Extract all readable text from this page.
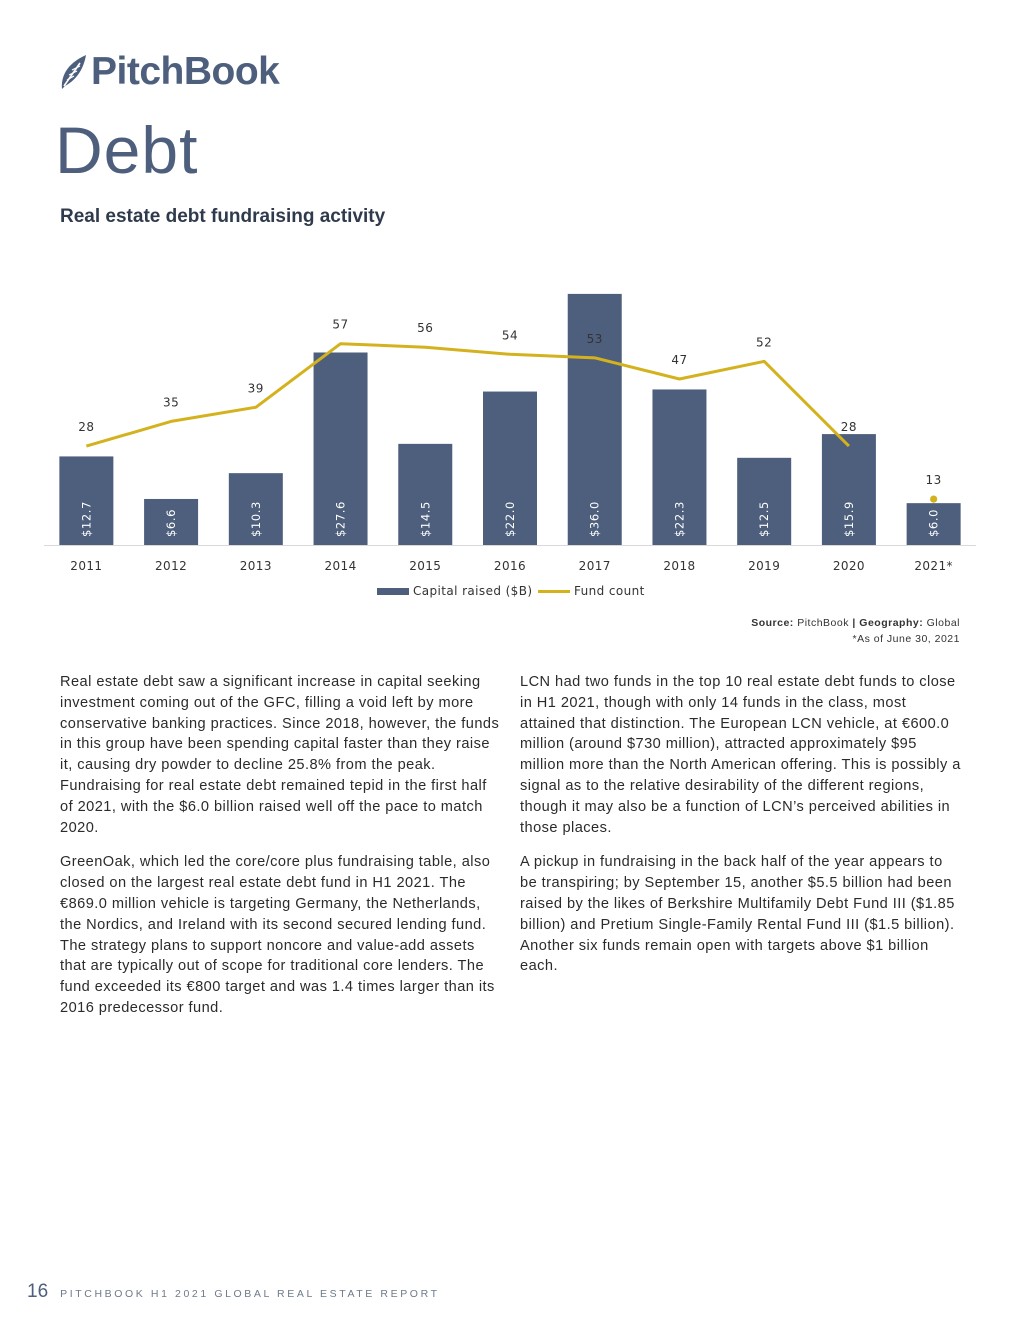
PitchBook
Debt
Real estate debt fundraising activity
$12.7	$6.6	$10.3	$27.6	$14.5	$22.0	$36.0	$22.3	$12.5	$15.9	$6.0
28
35
39
57	56
54	53
47
52
28
13
2011	2012	2013	2014	2015	2016	2017	2018	2019	2020	2021*
Capital raised ($B)	Fund count
Source: PitchBook | Geography: Global
*As of June 30, 2021

Real estate debt saw a significant increase in capital seeking investment coming out of the GFC, filling a void left by more conservative banking practices. Since 2018, however, the funds in this group have been spending capital faster than they raise it, causing dry powder to decline 25.8% from the peak. Fundraising for real estate debt remained tepid in the first half of 2021, with the $6.0 billion raised well off the pace to match 2020.

GreenOak, which led the core/core plus fundraising table, also closed on the largest real estate debt fund in H1 2021. The €869.0 million vehicle is targeting Germany, the Netherlands, the Nordics, and Ireland with its second secured lending fund. The strategy plans to support noncore and value-add assets that are typically out of scope for traditional core lenders. The fund exceeded its €800 target and was 1.4 times larger than its 2016 predecessor fund.

LCN had two funds in the top 10 real estate debt funds to close in H1 2021, though with only 14 funds in the class, most attained that distinction. The European LCN vehicle, at €600.0 million (around $730 million), attracted approximately $95 million more than the North American offering. This is possibly a signal as to the relative desirability of the different regions, though it may also be a function of LCN’s perceived abilities in those places.

A pickup in fundraising in the back half of the year appears to be transpiring; by September 15, another $5.5 billion had been raised by the likes of Berkshire Multifamily Debt Fund III ($1.85 billion) and Pretium Single-Family Rental Fund III ($1.5 billion). Another six funds remain open with targets above $1 billion each.

16 PITCHBOOK H1 2021 GLOBAL REAL ESTATE REPORT
